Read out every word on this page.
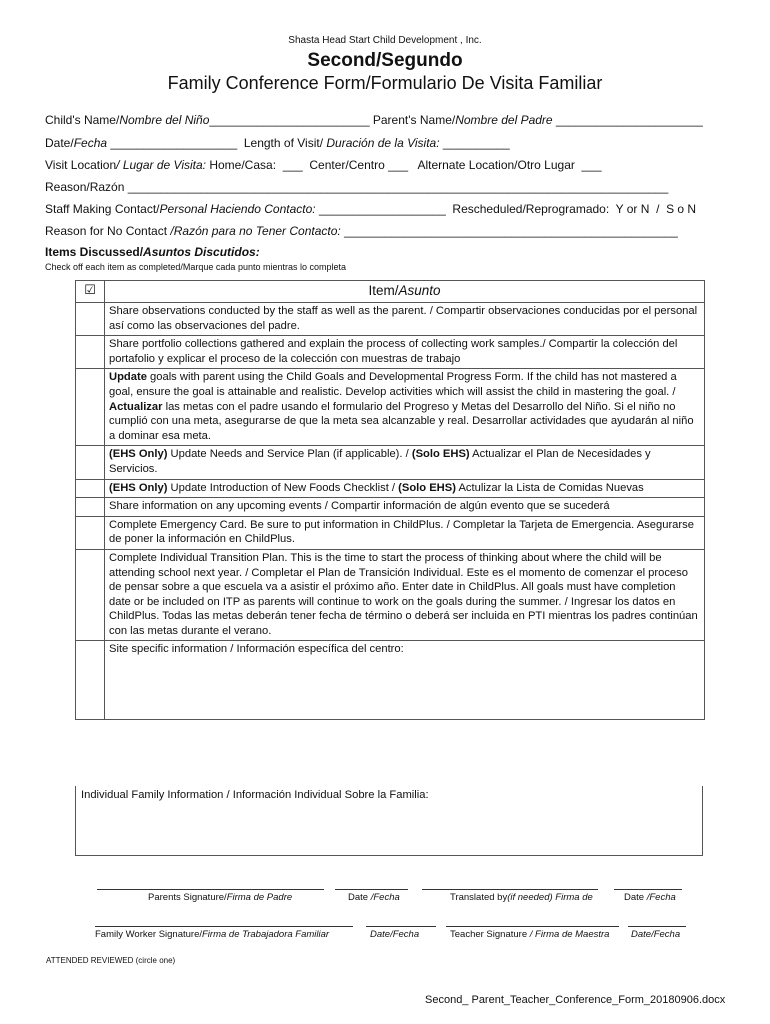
Shasta Head Start Child Development , Inc.
Second/Segundo
Family Conference Form/Formulario De Visita Familiar
Child's Name/Nombre del Niño________________________ Parent's Name/Nombre del Padre ______________________
Date/Fecha ___________________  Length of Visit/ Duración de la Visita: __________
Visit Location/ Lugar de Visita: Home/Casa:  ___  Center/Centro ___   Alternate Location/Otro Lugar  ___
Reason/Razón _________________________________________________________________________________
Staff Making Contact/Personal Haciendo Contacto: ___________________  Rescheduled/Reprogramado:  Y or N  /  S o N
Reason for No Contact /Razón para no Tener Contacto: __________________________________________________
Items Discussed/Asuntos Discutidos:
Check off each item as completed/Marque cada punto mientras lo completa
☑	Item/Asunto
	Share observations conducted by the staff as well as the parent. / Compartir observaciones conducidas por el personal así como las observaciones del padre.
	Share portfolio collections gathered and explain the process of collecting work samples./ Compartir la colección del portafolio y explicar el proceso de la colección con muestras de trabajo
	Update goals with parent using the Child Goals and Developmental Progress Form. If the child has not mastered a goal, ensure the goal is attainable and realistic. Develop activities which will assist the child in mastering the goal. / Actualizar las metas con el padre usando el formulario del Progreso y Metas del Desarrollo del Niño. Si el niño no cumplió con una meta, asegurarse de que la meta sea alcanzable y real. Desarrollar actividades que ayudarán al niño a dominar esa meta.
	(EHS Only) Update Needs and Service Plan (if applicable). / (Solo EHS) Actualizar el Plan de Necesidades y Servicios.
	(EHS Only) Update Introduction of New Foods Checklist / (Solo EHS) Actulizar la Lista de Comidas Nuevas
	Share information on any upcoming events / Compartir información de algún evento que se sucederá
	Complete Emergency Card. Be sure to put information in ChildPlus. / Completar la Tarjeta de Emergencia. Asegurarse de poner la información en ChildPlus.
	Complete Individual Transition Plan. This is the time to start the process of thinking about where the child will be attending school next year. / Completar el Plan de Transición Individual. Este es el momento de comenzar el proceso de pensar sobre a que escuela va a asistir el próximo año. Enter date in ChildPlus. All goals must have completion date or be included on ITP as parents will continue to work on the goals during the summer. / Ingresar los datos en ChildPlus. Todas las metas deberán tener fecha de término o deberá ser incluida en PTI mientras los padres continúan con las metas durante el verano.
	Site specific information / Información específica del centro:
Individual Family Information / Información Individual Sobre la Familia:
Parents Signature/Firma de Padre	Date /Fecha	Translated by(if needed) Firma de	Date /Fecha
Family Worker Signature/Firma de Trabajadora Familiar	Date/Fecha	Teacher Signature / Firma de Maestra Date/Fecha
ATTENDED REVIEWED (circle one)
Second_ Parent_Teacher_Conference_Form_20180906.docx
